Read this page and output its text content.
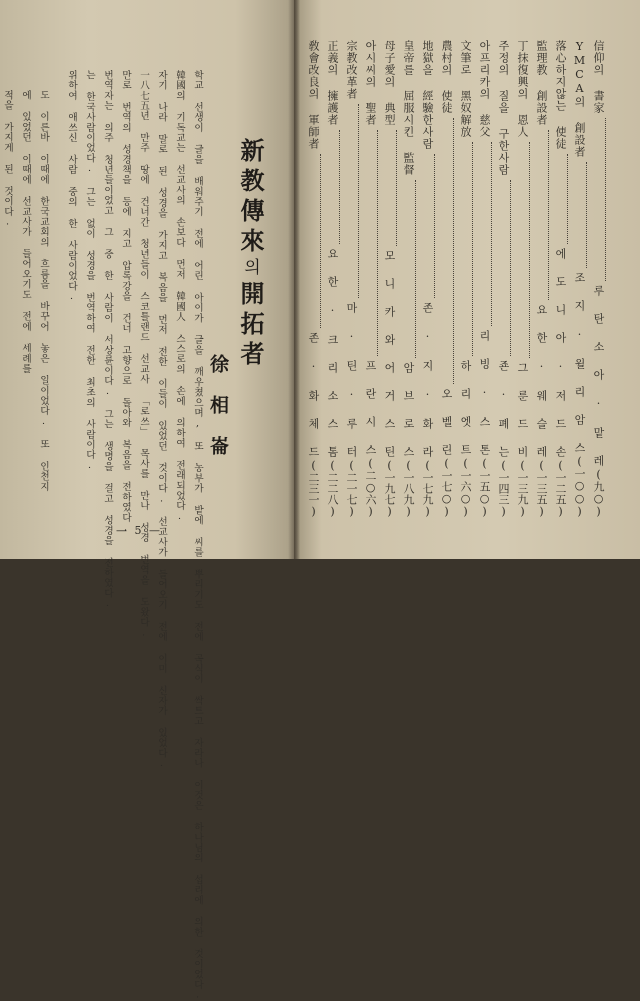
학교 선생이 글을 배워주기 전에 어린 아이가 글을 깨우쳤으며, 또 농부가 밭에 씨를 뿌리기도 전에 곡식이 싹트고 자라나 이것은 하나님의 섭리에 의한 것이었다.
韓國의 기독교는 선교사의 손보다 먼저 韓國人 스스로의 손에 의하여 전래되었다.
자기 나라 말로 된 성경을 가지고 복음을 먼저 전한 이들이 있었던 것이다. 선교사가 들어오기 전에 이미 신자가 있었다.
一八七五년 만주 땅에 건너간 청년들이 스코틀랜드 선교사 「로쓰」 목사를 만나 성경 번역을 도왔다.
만로 번역의 성경책을 등에 지고 압록강을 건너 고향으로 돌아와 복음을 전하였다.
번역자는 의주 청년들이었고 그 중 한 사람이 서상륜이다. 그는 생명을 걸고 성경을 전하였다.
는 한국사람이었다. 그는 없이 성경을 번역하여 전한 최초의 사람이다.
위하여 애쓰신 사람 중의 한 사람이었다.
도 이른바 이때에 한국교회의 흐름을 바꾸어 놓은 일이었다. 또 인천지
에 있었던 이때에 선교사가 들어오기도 전에 세례를
적을 가지게 된 것이다.	新教傳來의開拓者
徐相崙
— 5 —
信仰의 書家
루 탄 소 아 · 맡 레
(九○)
YMCA의 創設者
조 지 · 윌 리 암 스
(一○○)
落心하지않는 使徒
에 도 니 아 · 저 드 손
(一二五)
監理教 創設者
요 한 · 웨 슬 레
(一三五)
丁抹復興의 恩人
그 룬 드 비
(一三九)
주정의 질을 구한사람
죤 · 폐 는
(一四三)
아프리카의 慈父
리 빙 · 스 톤
(一五○)
文筆로 黑奴解放
하 리 엣 트
(一六○)
農村의 使徒
오 벨 린
(一七○)
地獄을 經驗한사람
존 · 지 · 화 라
(一七九)
皇帝를 屈服시킨 監督
암 브 로 스
(一八九)
母子愛의 典型
모 니 카 와 어 거 스 틴
(一九七)
아시씨의 聖者
프 란 시 스
(二○六)
宗教改革者
마 · 틴 · 루 터
(二一七)
正義의 擁護者
요 한 · 크 리 소 스 톰
(二二八)
敎會改良의 軍師者
존 · 화 체 드
(二三一)
